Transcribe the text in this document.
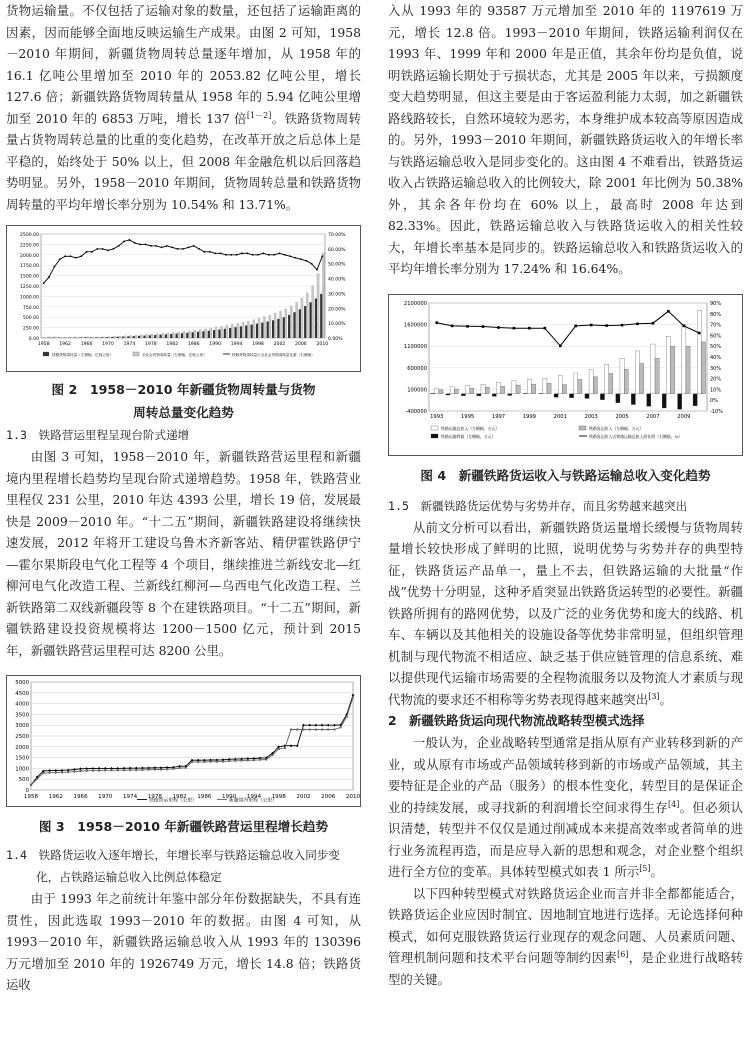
货物运输量。不仅包括了运输对象的数量，还包括了运输距离的因素，因而能够全面地反映运输生产成果。由图 2 可知，1958－2010 年期间，新疆货物周转总量逐年增加，从 1958 年的 16.1 亿吨公里增加至 2010 年的 2053.82 亿吨公里，增长 127.6 倍；新疆铁路货物周转量从 1958 年的 5.94 亿吨公里增加至 2010 年的 6853 万吨，增长 137 倍[1－2]。铁路货物周转量占货物周转总量的比重的变化趋势，在改革开放之后总体上是平稳的，始终处于 50% 以上，但 2008 年金融危机以后回落趋势明显。另外，1958－2010 年期间，货物周转总量和铁路货物周转量的平均年增长率分别为 10.54% 和 13.71%。

0.00
250.00
500.00
750.00
1000.00
1250.00
1500.00
1750.00
2000.00
2250.00
2500.00
0.00%
10.00%
20.00%
30.00%
40.00%
50.00%
60.00%
70.00%
1958 1962 1966 1970 1974 1978 1982 1986 1990 1994 1998 2002 2006 2010
铁路货物周转量（左侧轴，亿吨公里）	全社会货物周转量（左侧轴，亿吨公里）	铁路货物周转量占全社会货物周转量比重（右侧轴）
图 2　1958－2010 年新疆货物周转量与货物
周转总量变化趋势
1.3　铁路营运里程呈现台阶式递增

由图 3 可知，1958－2010 年，新疆铁路营运里程和新疆境内里程增长趋势均呈现台阶式递增趋势。1958 年，铁路营业里程仅 231 公里，2010 年达 4393 公里，增长 19 倍，发展最快是 2009－2010 年。“十二五”期间，新疆铁路建设将继续快速发展，2012 年将开工建设乌鲁木齐新客站、精伊霍铁路伊宁—霍尔果斯段电气化工程等 4 个项目，继续推进兰新线安北—红柳河电气化改造工程、兰新线红柳河—乌西电气化改造工程、兰新铁路第二双线新疆段等 8 个在建铁路项目。“十二五”期间，新疆铁路建设投资规模将达 1200－1500 亿元，预计到 2015 年，新疆铁路营运里程可达 8200 公里。

0
500
1000
1500
2000
2500
3000
3500
4000
4500
5000
1958 1962 1966 1970 1974 1978 1982 1986 1990 1994 1998 2002 2006 2010
铁路营运里程（公里）	新疆境内里程（公里）
图 3　1958－2010 年新疆铁路营运里程增长趋势
1.4　铁路货运收入逐年增长，年增长率与铁路运输总收入同步变化，占铁路运输总收入比例总体稳定

由于 1993 年之前统计年鉴中部分年份数据缺失，不具有连贯性，因此选取 1993－2010 年的数据。由图 4 可知，从 1993－2010 年，新疆铁路运输总收入从 1993 年的 130396 万元增加至 2010 年的 1926749 万元，增长 14.8 倍；铁路货运收

入从 1993 年的 93587 万元增加至 2010 年的 1197619 万元，增长 12.8 倍。1993－2010 年期间，铁路运输利润仅在 1993 年、1999 年和 2000 年是正值，其余年份均是负值，说明铁路运输长期处于亏损状态，尤其是 2005 年以来，亏损额度变大趋势明显，但这主要是由于客运盈利能力太弱，加之新疆铁路线路较长，自然环境较为恶劣，本身维护成本较高等原因造成的。另外，1993－2010 年期间，新疆铁路货运收入的年增长率与铁路运输总收入是同步变化的。这由图 4 不难看出，铁路货运收入占铁路运输总收入的比例较大，除 2001 年比例为 50.38% 外，其余各年份均在 60% 以上，最高时 2008 年达到 82.33%。因此，铁路运输总收入与铁路货运收入的相关性较大，年增长率基本是同步的。铁路运输总收入和铁路货运收入的平均年增长率分别为 17.24% 和 16.64%。

-400000
100000
600000
1100000
1600000
2100000
-10%
0%
10%
20%
30%
40%
50%
60%
70%
80%
90%
1993	1995	1997	1999	2001	2003	2005	2007	2009
铁路运输总收入（左侧轴，万元）
铁路运输利润（左侧轴，万元）
铁路货运收入（左侧轴，万元）
铁路货运收入占铁路运输总收入的比例（右侧轴，%）
图 4　新疆铁路货运收入与铁路运输总收入变化趋势
1.5　新疆铁路货运优势与劣势并存，而且劣势越来越突出

从前文分析可以看出，新疆铁路货运量增长缓慢与货物周转量增长较快形成了鲜明的比照，说明优势与劣势并存的典型特征，铁路货运产品单一，量上不去，但铁路运输的大批量“作战”优势十分明显，这种矛盾突显出铁路货运转型的必要性。新疆铁路所拥有的路网优势，以及广泛的业务优势和庞大的线路、机车、车辆以及其他相关的设施设备等优势非常明显，但组织管理机制与现代物流不相适应、缺乏基于供应链管理的信息系统、难以提供现代运输市场需要的全程物流服务以及物流人才素质与现代物流的要求还不相称等劣势表现得越来越突出[3]。

2　新疆铁路货运向现代物流战略转型模式选择

一般认为，企业战略转型通常是指从原有产业转移到新的产业，或从原有市场或产品领域转移到新的市场或产品领域，其主要特征是企业的产品（服务）的根本性变化，转型目的是保证企业的持续发展，或寻找新的利润增长空间求得生存[4]。但必须认识清楚，转型并不仅仅是通过削减成本来提高效率或者简单的进行业务流程再造，而是应导入新的思想和观念，对企业整个组织进行全方位的变革。具体转型模式如表 1 所示[5]。

以下四种转型模式对铁路货运企业而言并非全都都能适合，铁路货运企业应因时制宜、因地制宜地进行选择。无论选择何种模式，如何克服铁路货运行业现存的观念问题、人员素质问题、管理机制问题和技术平台问题等制约因素[6]，是企业进行战略转型的关键。
